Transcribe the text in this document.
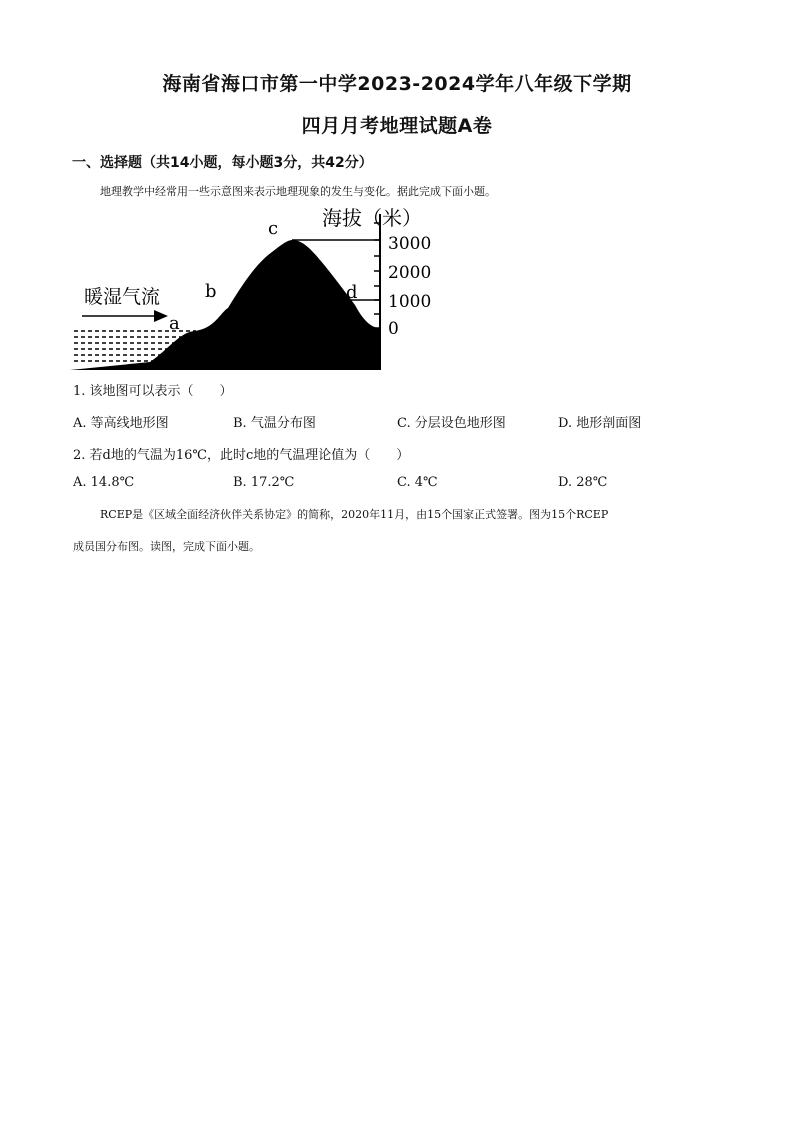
海南省海口市第一中学2023-2024学年八年级下学期
四月月考地理试题A卷
一、选择题（共14小题，每小题3分，共42分）
地理教学中经常用一些示意图来表示地理现象的发生与变化。据此完成下面小题。
海拔（米）
3000
2000
1000
0
暖湿气流
a
b
c
d
1. 该地图可以表示（　　）
A. 等高线地形图	B. 气温分布图	C. 分层设色地形图	D. 地形剖面图
2. 若d地的气温为16℃，此时c地的气温理论值为（　　）
A. 14.8℃	B. 17.2℃	C. 4℃	D. 28℃
RCEP是《区域全面经济伙伴关系协定》的简称，2020年11月，由15个国家正式签署。图为15个RCEP
成员国分布图。读图，完成下面小题。
